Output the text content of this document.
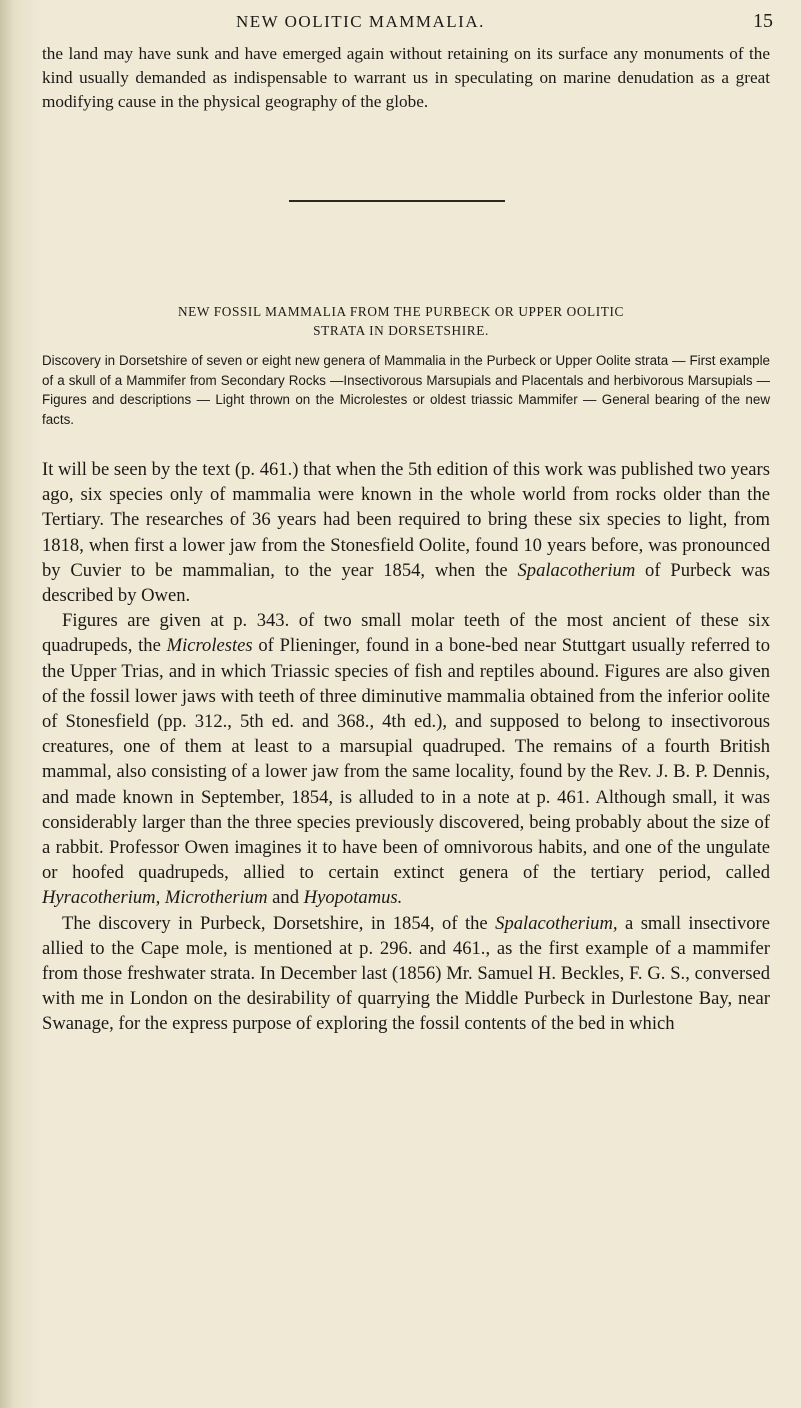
NEW OOLITIC MAMMALIA.	15
the land may have sunk and have emerged again without retaining on its surface any monuments of the kind usually demanded as indispensable to warrant us in speculating on marine denudation as a great modifying cause in the physical geography of the globe.
NEW FOSSIL MAMMALIA FROM THE PURBECK OR UPPER OOLITIC
STRATA IN DORSETSHIRE.
Discovery in Dorsetshire of seven or eight new genera of Mammalia in the Purbeck or Upper Oolite strata — First example of a skull of a Mammifer from Secondary Rocks —Insectivorous Marsupials and Placentals and herbivorous Marsupials — Figures and descriptions — Light thrown on the Microlestes or oldest triassic Mammifer — General bearing of the new facts.

It will be seen by the text (p. 461.) that when the 5th edition of this work was published two years ago, six species only of mammalia were known in the whole world from rocks older than the Tertiary. The researches of 36 years had been required to bring these six species to light, from 1818, when first a lower jaw from the Stonesfield Oolite, found 10 years before, was pronounced by Cuvier to be mammalian, to the year 1854, when the Spalacotherium of Purbeck was described by Owen.

Figures are given at p. 343. of two small molar teeth of the most ancient of these six quadrupeds, the Microlestes of Plieninger, found in a bone-bed near Stuttgart usually referred to the Upper Trias, and in which Triassic species of fish and reptiles abound. Figures are also given of the fossil lower jaws with teeth of three diminutive mammalia obtained from the inferior oolite of Stonesfield (pp. 312., 5th ed. and 368., 4th ed.), and supposed to belong to insectivorous creatures, one of them at least to a marsupial quadruped. The remains of a fourth British mammal, also consisting of a lower jaw from the same locality, found by the Rev. J. B. P. Dennis, and made known in September, 1854, is alluded to in a note at p. 461. Although small, it was considerably larger than the three species previously discovered, being probably about the size of a rabbit. Professor Owen imagines it to have been of omnivorous habits, and one of the ungulate or hoofed quadrupeds, allied to certain extinct genera of the tertiary period, called Hyracotherium, Microtherium and Hyopotamus.

The discovery in Purbeck, Dorsetshire, in 1854, of the Spalacotherium, a small insectivore allied to the Cape mole, is mentioned at p. 296. and 461., as the first example of a mammifer from those freshwater strata. In December last (1856) Mr. Samuel H. Beckles, F. G. S., conversed with me in London on the desirability of quarrying the Middle Purbeck in Durlestone Bay, near Swanage, for the express purpose of exploring the fossil contents of the bed in which
